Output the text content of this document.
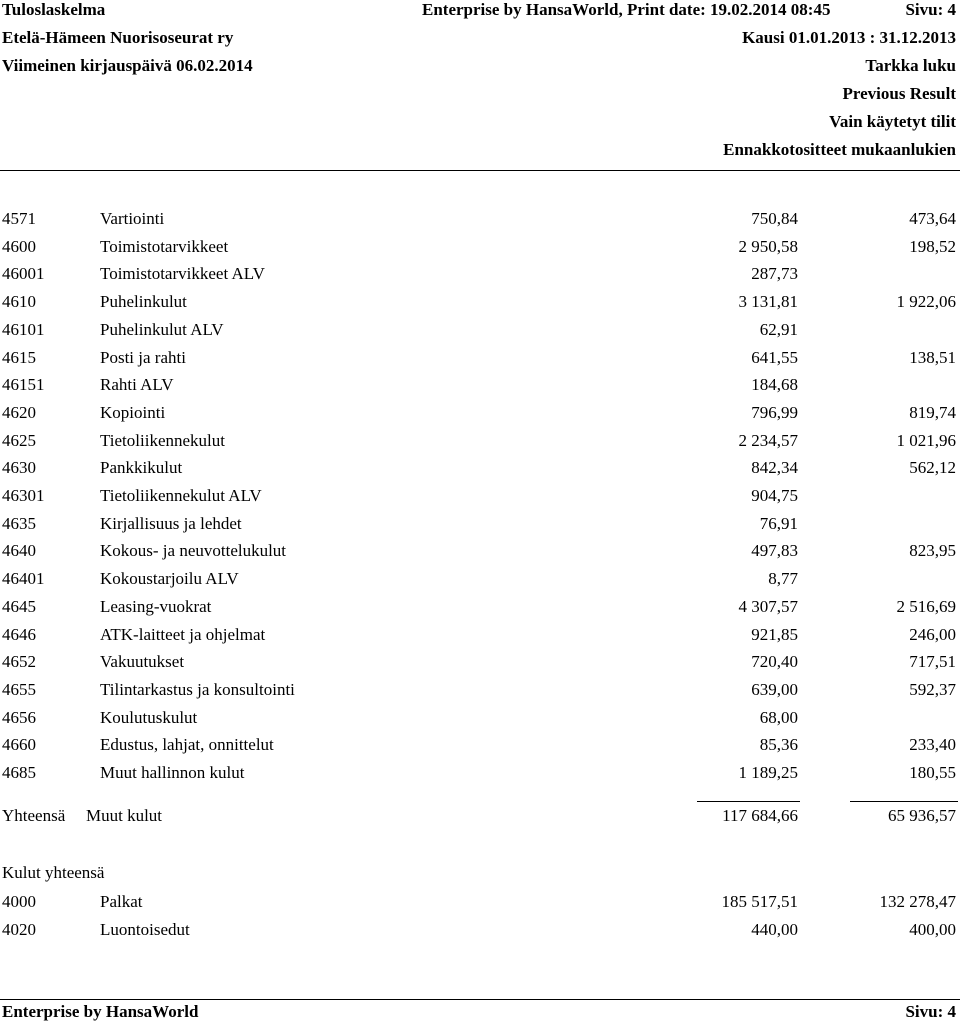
Tuloslaskelma	Enterprise by HansaWorld, Print date: 19.02.2014 08:45	Sivu: 4
Etelä-Hämeen Nuorisoseurat ry	Kausi 01.01.2013 : 31.12.2013
Viimeinen kirjauspäivä 06.02.2014	Tarkka luku
Previous Result
Vain käytetyt tilit
Ennakkotositteet mukaanlukien
4571	Vartiointi	750,84	473,64
4600	Toimistotarvikkeet	2 950,58	198,52
46001	Toimistotarvikkeet ALV	287,73
4610	Puhelinkulut	3 131,81	1 922,06
46101	Puhelinkulut ALV	62,91
4615	Posti ja rahti	641,55	138,51
46151	Rahti ALV	184,68
4620	Kopiointi	796,99	819,74
4625	Tietoliikennekulut	2 234,57	1 021,96
4630	Pankkikulut	842,34	562,12
46301	Tietoliikennekulut ALV	904,75
4635	Kirjallisuus ja lehdet	76,91
4640	Kokous- ja neuvottelukulut	497,83	823,95
46401	Kokoustarjoilu ALV	8,77
4645	Leasing-vuokrat	4 307,57	2 516,69
4646	ATK-laitteet ja ohjelmat	921,85	246,00
4652	Vakuutukset	720,40	717,51
4655	Tilintarkastus ja konsultointi	639,00	592,37
4656	Koulutuskulut	68,00
4660	Edustus, lahjat, onnittelut	85,36	233,40
4685	Muut hallinnon kulut	1 189,25	180,55
Yhteensä Muut kulut	117 684,66	65 936,57
Kulut yhteensä
4000	Palkat	185 517,51	132 278,47
4020	Luontoisedut	440,00	400,00
Enterprise by HansaWorld	Sivu: 4
